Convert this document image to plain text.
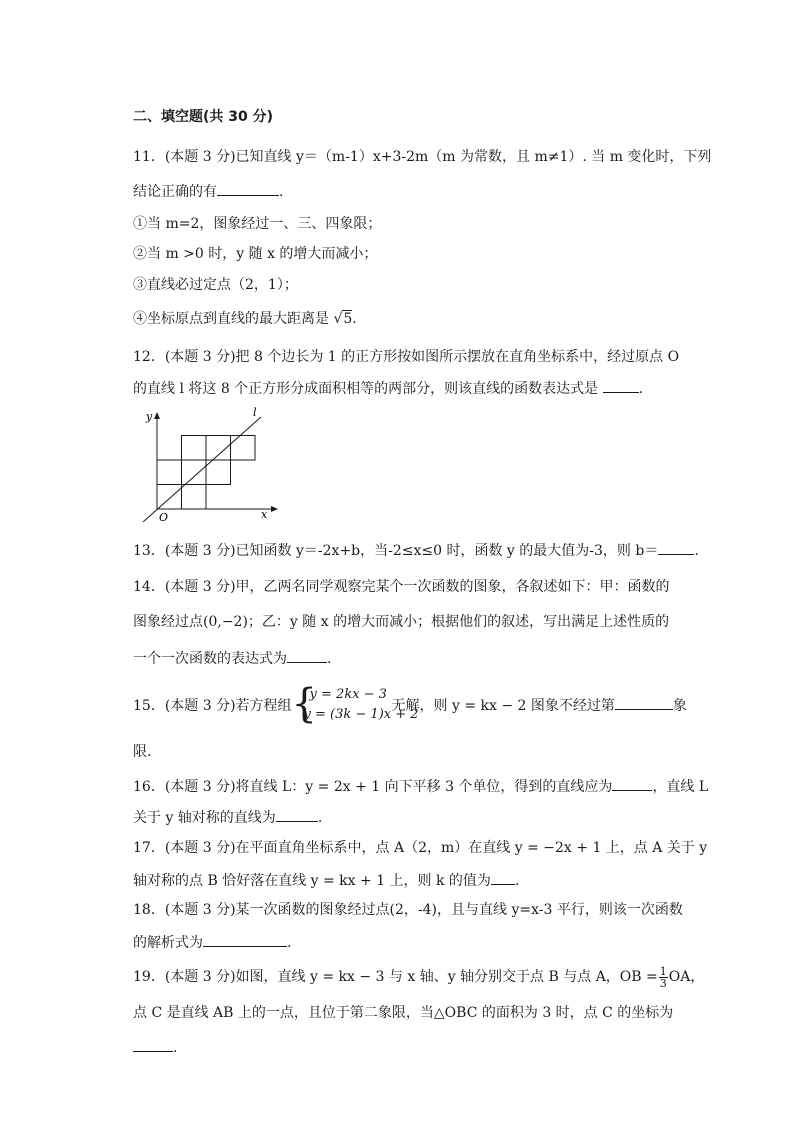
二、填空题(共 30 分)
11．(本题 3 分)已知直线 y＝（m-1）x+3-2m（m 为常数，且 m≠1）. 当 m 变化时，下列
结论正确的有	.
①当 m=2，图象经过一、三、四象限；
②当 m >0 时，y 随 x 的增大而减小；
③直线必过定点（2，1）；
④坐标原点到直线的最大距离是 √5.
12．(本题 3 分)把 8 个边长为 1 的正方形按如图所示摆放在直角坐标系中，经过原点 O
的直线 l 将这 8 个正方形分成面积相等的两部分，则该直线的函数表达式是	.
y
x
O
l
13．(本题 3 分)已知函数 y＝-2x+b，当-2≤x≤0 时，函数 y 的最大值为-3，则 b＝	.
14．(本题 3 分)甲，乙两名同学观察完某个一次函数的图象，各叙述如下：甲：函数的
图象经过点(0,−2)；乙：y 随 x 的增大而减小；根据他们的叙述，写出满足上述性质的
一个一次函数的表达式为	.
15．(本题 3 分)若方程组 {
y = 2kx − 3
y = (3k − 1)x + 2
无解，则 y = kx − 2 图象不经过第	象
限.
16．(本题 3 分)将直线 L：y = 2x + 1 向下平移 3 个单位，得到的直线应为	，直线 L
关于 y 轴对称的直线为	.
17．(本题 3 分)在平面直角坐标系中，点 A（2，m）在直线 y = −2x + 1 上，点 A 关于 y
轴对称的点 B 恰好落在直线 y = kx + 1 上，则 k 的值为 .
18．(本题 3 分)某一次函数的图象经过点(2，-4)，且与直线 y=x-3 平行，则该一次函数
的解析式为	.
19．(本题 3 分)如图，直线 y = kx − 3 与 x 轴、y 轴分别交于点 B 与点 A，OB = $\frac{1}{3}$ OA，
点 C 是直线 AB 上的一点，且位于第二象限，当△OBC 的面积为 3 时，点 C 的坐标为
.
